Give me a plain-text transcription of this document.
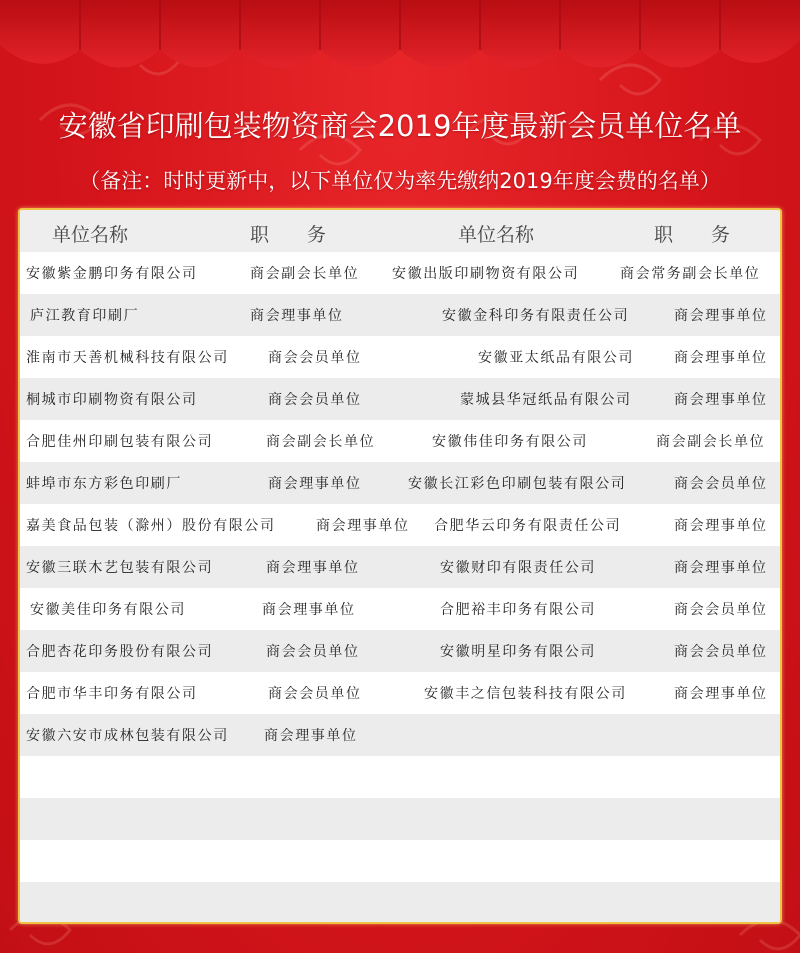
安徽省印刷包装物资商会2019年度最新会员单位名单
（备注：时时更新中，以下单位仅为率先缴纳2019年度会费的名单）
单位名称	职　　务	单位名称	职　　务
安徽紫金鹏印务有限公司	商会副会长单位 安徽出版印刷物资有限公司	商会常务副会长单位
庐江教育印刷厂	商会理事单位	安徽金科印务有限责任公司	商会理事单位
淮南市天善机械科技有限公司	商会会员单位	安徽亚太纸品有限公司	商会理事单位
桐城市印刷物资有限公司	商会会员单位	蒙城县华冠纸品有限公司	商会理事单位
合肥佳州印刷包装有限公司	商会副会长单位	安徽伟佳印务有限公司	商会副会长单位
蚌埠市东方彩色印刷厂	商会理事单位	安徽长江彩色印刷包装有限公司	商会会员单位
嘉美食品包装（滁州）股份有限公司	商会理事单位 合肥华云印务有限责任公司	商会理事单位
安徽三联木艺包装有限公司	商会理事单位	安徽财印有限责任公司	商会理事单位
安徽美佳印务有限公司	商会理事单位	合肥裕丰印务有限公司	商会会员单位
合肥杏花印务股份有限公司	商会会员单位	安徽明星印务有限公司	商会会员单位
合肥市华丰印务有限公司	商会会员单位	安徽丰之信包装科技有限公司	商会理事单位
安徽六安市成林包装有限公司	商会理事单位
